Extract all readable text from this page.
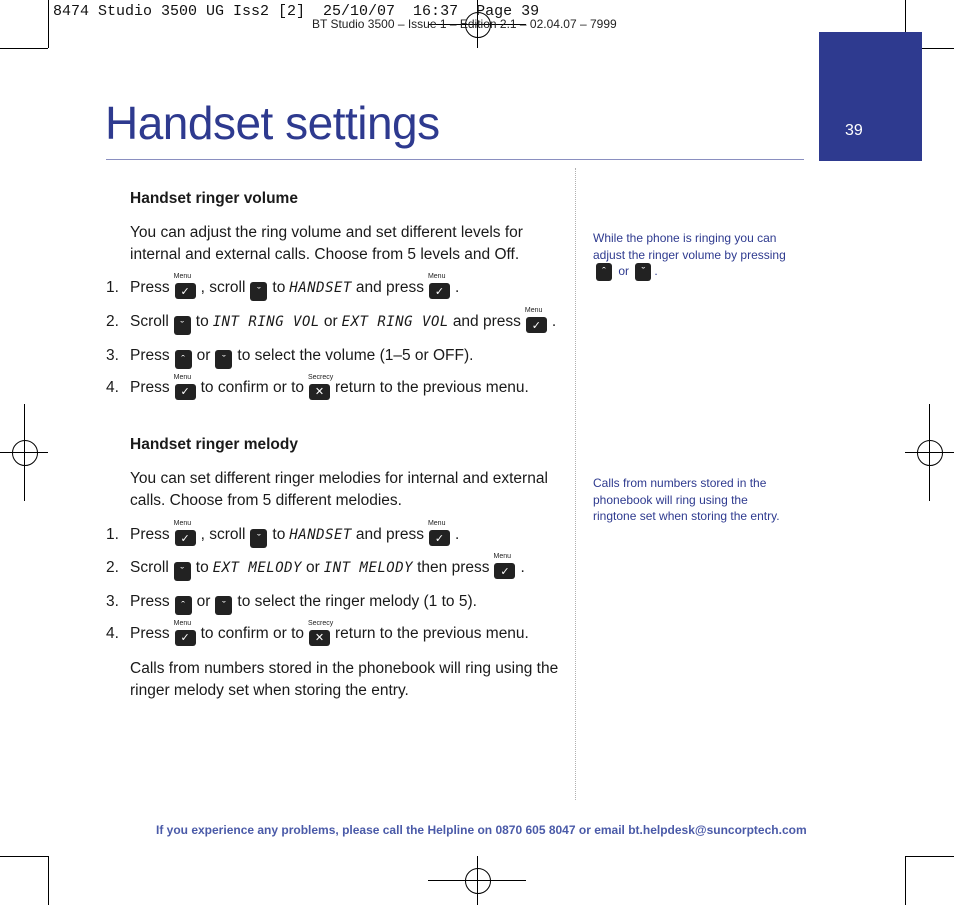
8474 Studio 3500 UG Iss2 [2]  25/10/07  16:37  Page 39
BT Studio 3500 – Issue 1 – Edition 2.1 – 02.04.07 – 7999
39
Handset settings
Handset ringer volume
You can adjust the ring volume and set different levels for internal and external calls. Choose from 5 levels and Off.
1. Press
Menu
✓ , scroll	ˇ to HANDSET and press
Menu
✓ .
2. Scroll	ˇ to INT RING VOL or EXT RING VOL and press
Menu
✓ .
3. Press	ˆ or	ˇ to select the volume (1–5 or OFF).
4. Press
Menu
✓ to confirm or to
Secrecy
✕ return to the previous menu.
Handset ringer melody
You can set different ringer melodies for internal and external calls. Choose from 5 different melodies.
1. Press
Menu
✓ , scroll	ˇ to HANDSET and press
Menu
✓ .
2. Scroll	ˇ to EXT MELODY or INT MELODY then press
Menu
✓ .
3. Press	ˆ or	ˇ to select the ringer melody (1 to 5).
4. Press
Menu
✓ to confirm or to
Secrecy
✕ return to the previous menu.
Calls from numbers stored in the phonebook will ring using the ringer melody set when storing the entry.
While the phone is ringing you can adjust the ringer volume by pressing
ˆ	or	ˇ .
Calls from numbers stored in the phonebook will ring using the ringtone set when storing the entry.
If you experience any problems, please call the Helpline on 0870 605 8047 or email bt.helpdesk@suncorptech.com
